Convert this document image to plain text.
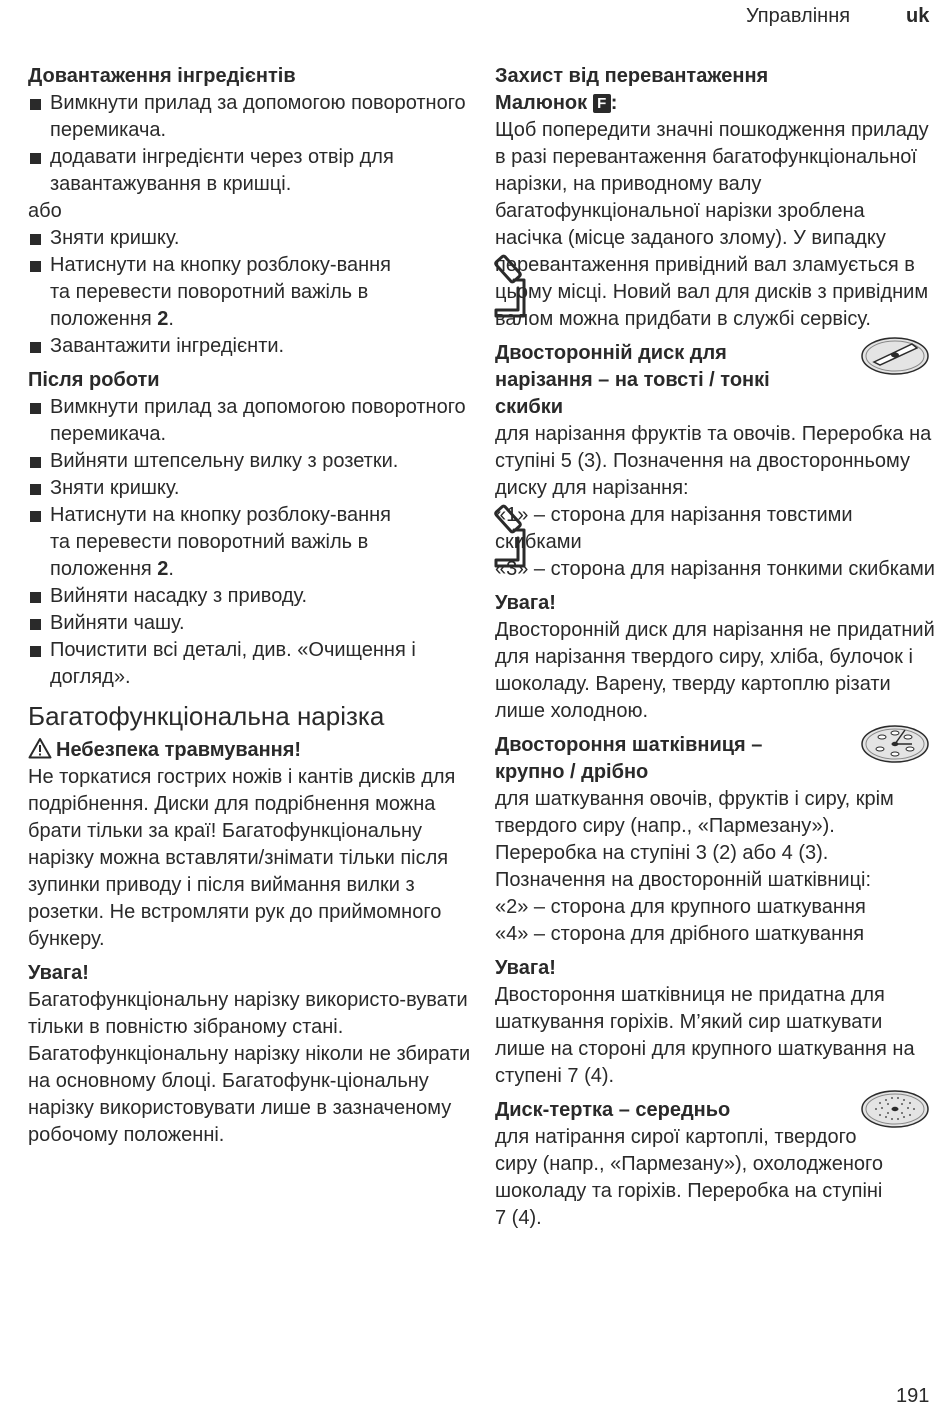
Управління	uk

Довантаження інгредієнтів

Вимкнути прилад за допомогою поворотного перемикача.
додавати інгредієнти через отвір для завантажування в кришці.

або

Зняти кришку.
Натиснути на кнопку розблоку-вання та перевести поворотний важіль в положення 2.
Завантажити інгредієнти.

Після роботи

Вимкнути прилад за допомогою поворотного перемикача.
Вийняти штепсельну вилку з розетки.
Зняти кришку.
Натиснути на кнопку розблоку-вання та перевести поворотний важіль в положення 2.
Вийняти насадку з приводу.
Вийняти чашу.
Почистити всі деталі, див. «Очищення і догляд».
Багатофункціональна нарізка

Небезпека травмування!

Не торкатися гострих ножів і кантів дисків для подрібнення. Диски для подрібнення можна брати тільки за краї! Багатофункціональну нарізку можна вставляти/знімати тільки після зупинки приводу і після виймання вилки з розетки. Не встромляти рук до приймомного бункеру.

Увага!

Багатофункціональну нарізку використо-вувати тільки в повністю зібраному стані. Багатофункціональну нарізку ніколи не збирати на основному блоці. Багатофунк-ціональну нарізку використовувати лише в зазначеному робочому положенні.

Захист від перевантаження
Малюнок F :

Щоб попередити значні пошкодження приладу в разі перевантаження багатофункціональної нарізки, на приводному валу багатофункціональної нарізки зроблена насічка (місце заданого злому). У випадку перевантаження привідний вал зламується в цьому місці. Новий вал для дисків з привідним валом можна придбати в службі сервісу.

Двосторонній диск для нарізання – на товсті / тонкі скибки

для нарізання фруктів та овочів. Переробка на ступіні 5 (3). Позначення на двосторонньому диску для нарізання:

«1» – сторона для нарізання товстими скибками

«3» – сторона для нарізання тонкими скибками

Увага!

Двосторонній диск для нарізання не придатний для нарізання твердого сиру, хліба, булочок і шоколаду. Варену, тверду картоплю різати лише холодною.

Двостороння шатківниця – крупно / дрібно

для шаткування овочів, фруктів і сиру, крім твердого сиру (напр., «Пармезану»). Переробка на ступіні 3 (2) або 4 (3). Позначення на двосторонній шатківниці:

«2» – сторона для крупного шаткування

«4» – сторона для дрібного шаткування

Увага!

Двостороння шатківниця не придатна для шаткування горіхів. М’який сир шаткувати лише на стороні для крупного шаткування на ступені 7 (4).

Диск-тертка – середньо

для натірання сирої картоплі, твердого сиру (напр., «Пармезану»), охолодженого шоколаду та горіхів. Переробка на ступіні 7 (4).

191
